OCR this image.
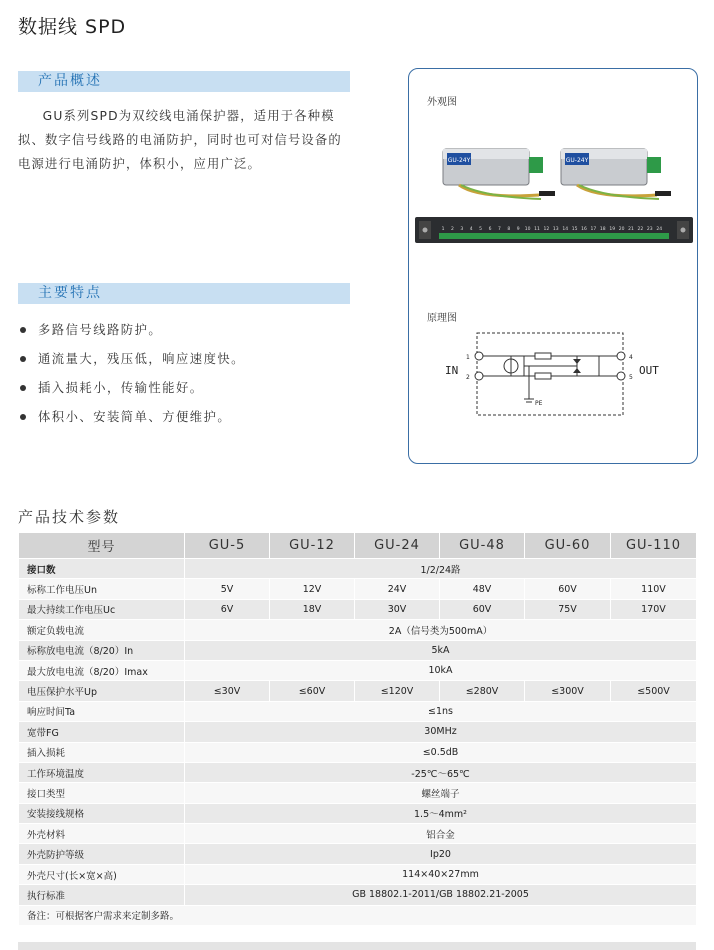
数据线 SPD
产品概述

GU系列SPD为双绞线电涌保护器，适用于各种模拟、数字信号线路的电涌防护，同时也可对信号设备的电源进行电涌防护，体积小，应用广泛。

主要特点
多路信号线路防护。
通流量大，残压低，响应速度快。
插入损耗小，传输性能好。
体积小、安装简单、方便维护。
外观图
GU-24Y	GU-24Y
1 2 3 4 5 6 7 8 9 10 11 12 13 14 15 16 17 18 19 20 21 22 23 24
原理图
IN	OUT
1
2
4
5
PE
产品技术参数
型号	GU-5	GU-12	GU-24	GU-48	GU-60	GU-110
接口数	1/2/24路					
标称工作电压Un	5V	12V	24V	48V	60V	110V
最大持续工作电压Uc	6V	18V	30V	60V	75V	170V
额定负载电流	2A（信号类为500mA）					
标称放电电流（8/20）In	5kA					
最大放电电流（8/20）Imax	10kA					
电压保护水平Up	≤30V	≤60V	≤120V	≤280V	≤300V	≤500V
响应时间Ta	≤1ns					
宽带FG	30MHz					
插入损耗	≤0.5dB					
工作环境温度	-25℃～65℃					
接口类型	螺丝端子					
安装接线规格	1.5～4mm²					
外壳材料	铝合金					
外壳防护等级	Ip20					
外壳尺寸(长×宽×高)	114×40×27mm					
执行标准	GB 18802.1-2011/GB 18802.21-2005					
备注：可根据客户需求来定制多路。						
